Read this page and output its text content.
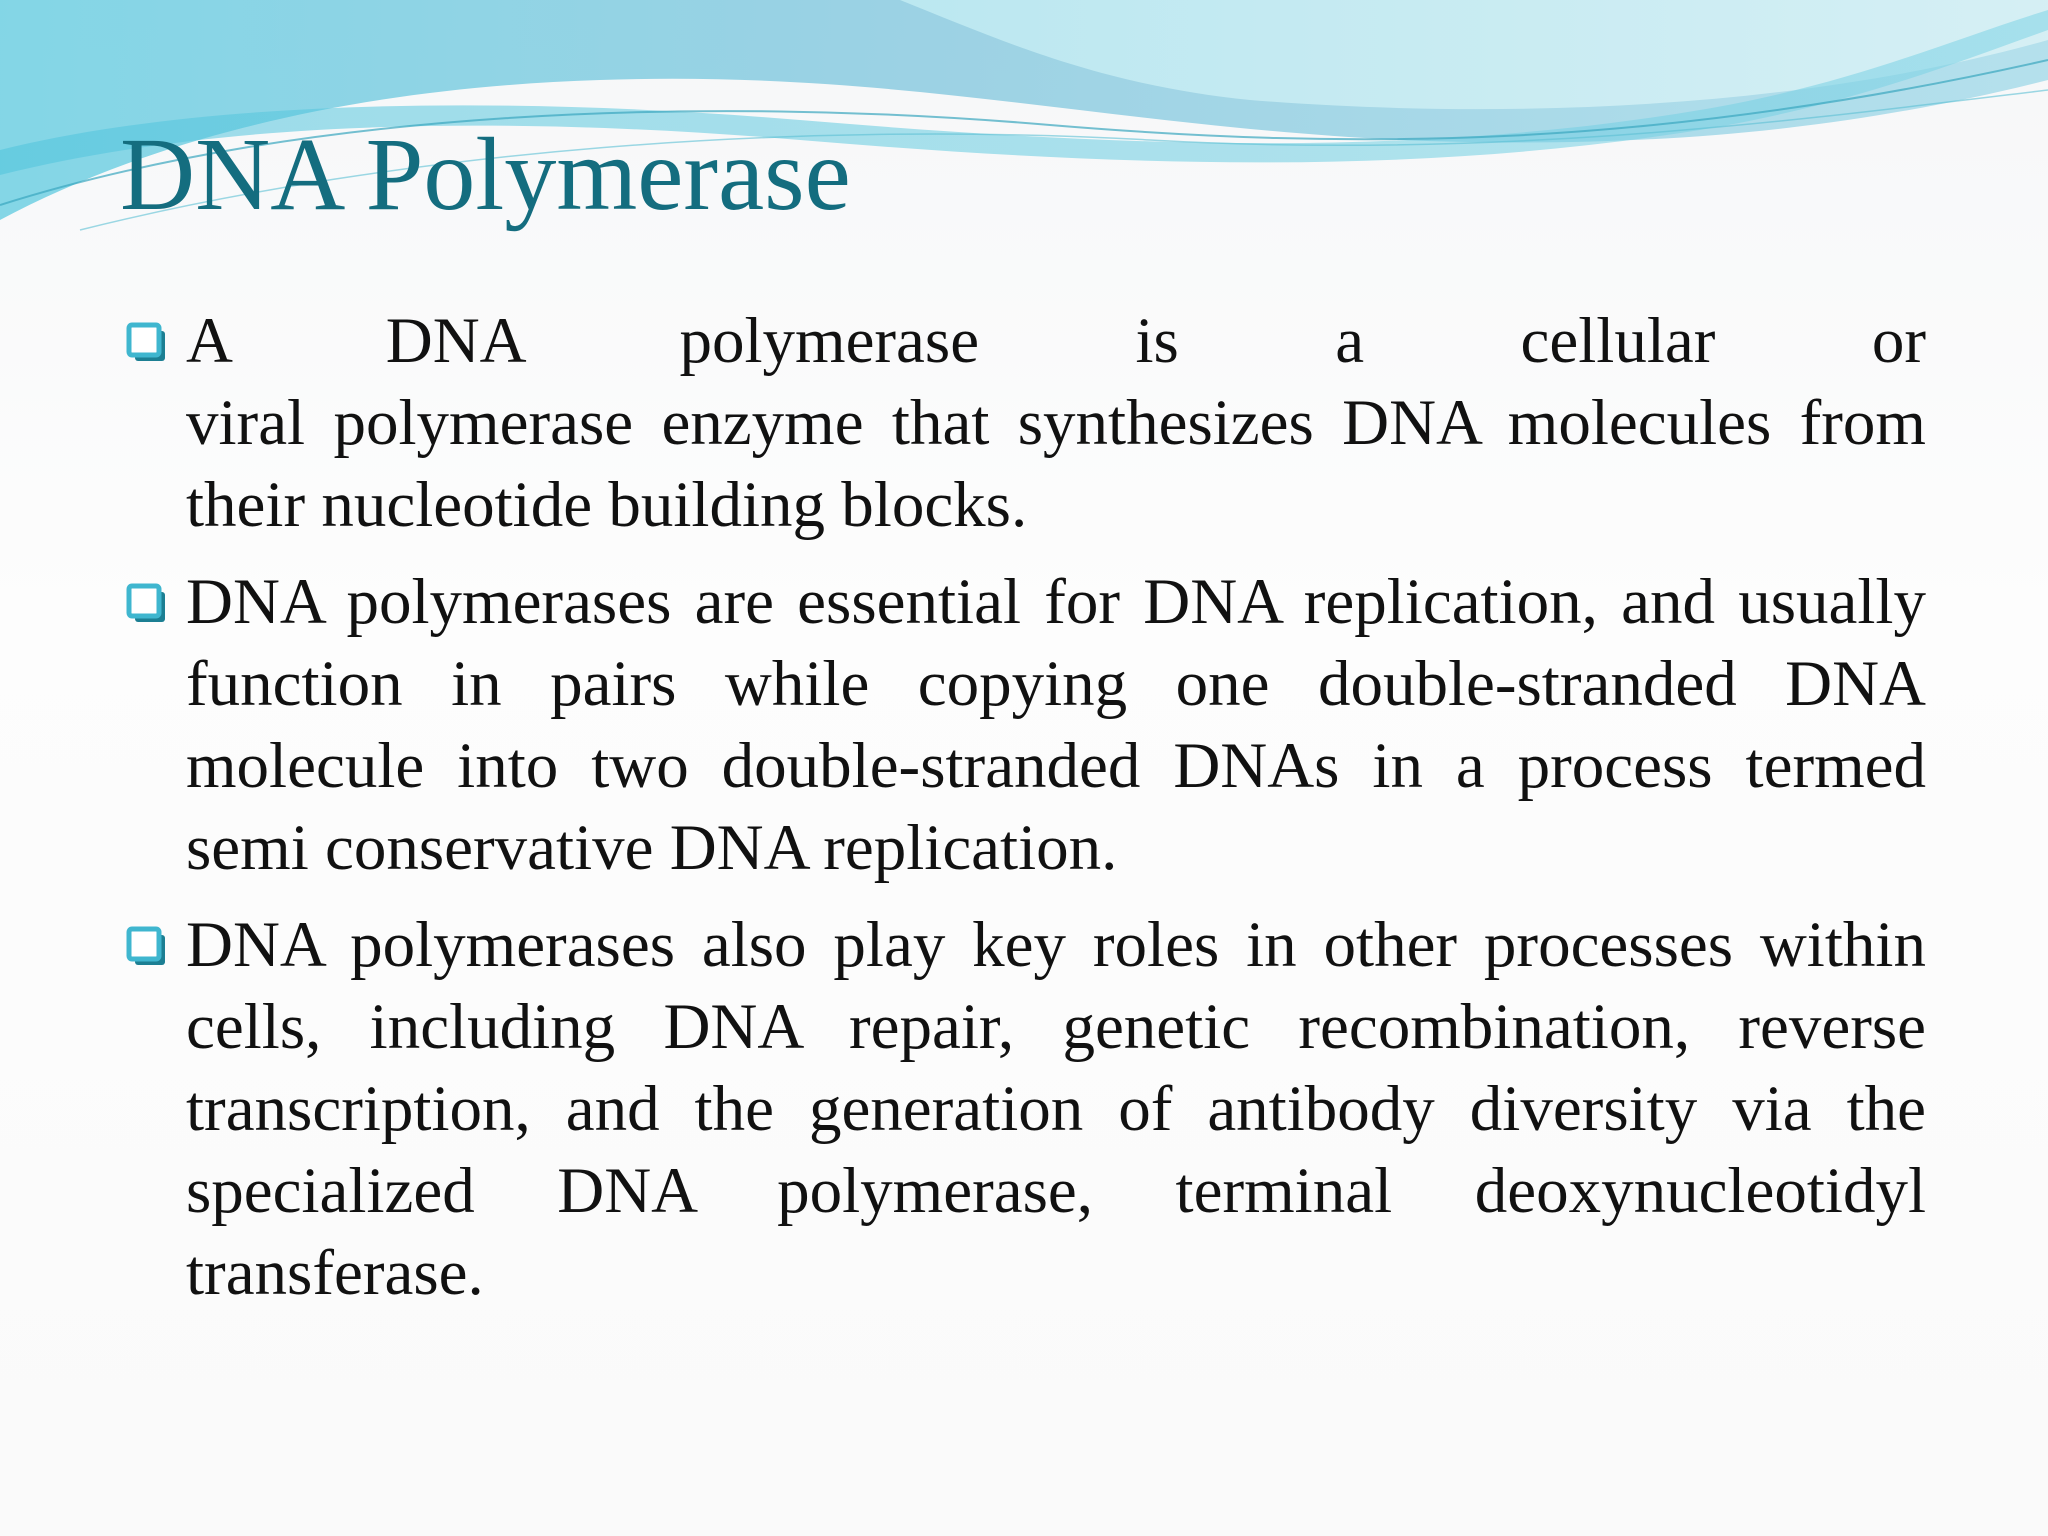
DNA Polymerase
A DNA polymerase is a cellular or
viral polymerase enzyme that synthesizes DNA molecules from their nucleotide building blocks.
DNA polymerases are essential for DNA replication, and usually function in pairs while copying one double-stranded DNA molecule into two double-stranded DNAs in a process termed semi conservative DNA replication.
DNA polymerases also play key roles in other processes within cells, including DNA repair, genetic recombination, reverse transcription, and the generation of antibody diversity via the specialized DNA polymerase, terminal deoxynucleotidyl transferase.
